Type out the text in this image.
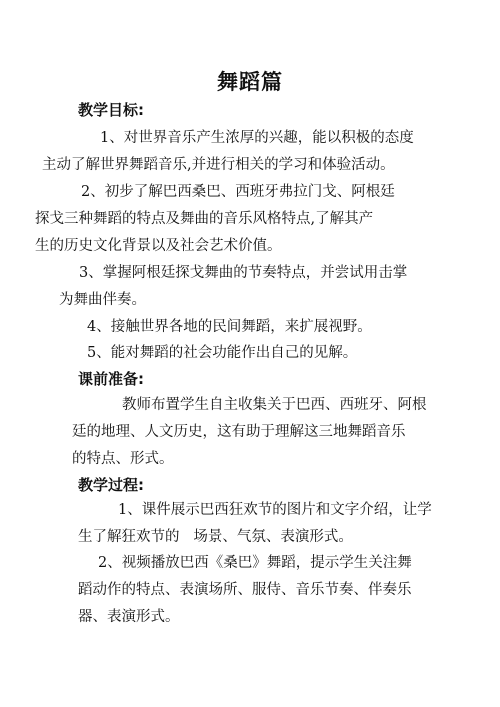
舞蹈篇
教学目标:

1、对世界音乐产生浓厚的兴趣，能以积极的态度
主动了解世界舞蹈音乐,并进行相关的学习和体验活动。

2、初步了解巴西桑巴、西班牙弗拉门戈、阿根廷
探戈三种舞蹈的特点及舞曲的音乐风格特点,了解其产
生的历史文化背景以及社会艺术价值。

3、掌握阿根廷探戈舞曲的节奏特点，并尝试用击掌
为舞曲伴奏。

4、接触世界各地的民间舞蹈，来扩展视野。

5、能对舞蹈的社会功能作出自己的见解。

课前准备:

教师布置学生自主收集关于巴西、西班牙、阿根
廷的地理、人文历史，这有助于理解这三地舞蹈音乐
的特点、形式。

教学过程:

1、课件展示巴西狂欢节的图片和文字介绍，让学
生了解狂欢节的   场景、气氛、表演形式。

2、视频播放巴西《桑巴》舞蹈，提示学生关注舞
蹈动作的特点、表演场所、服侍、音乐节奏、伴奏乐
器、表演形式。
